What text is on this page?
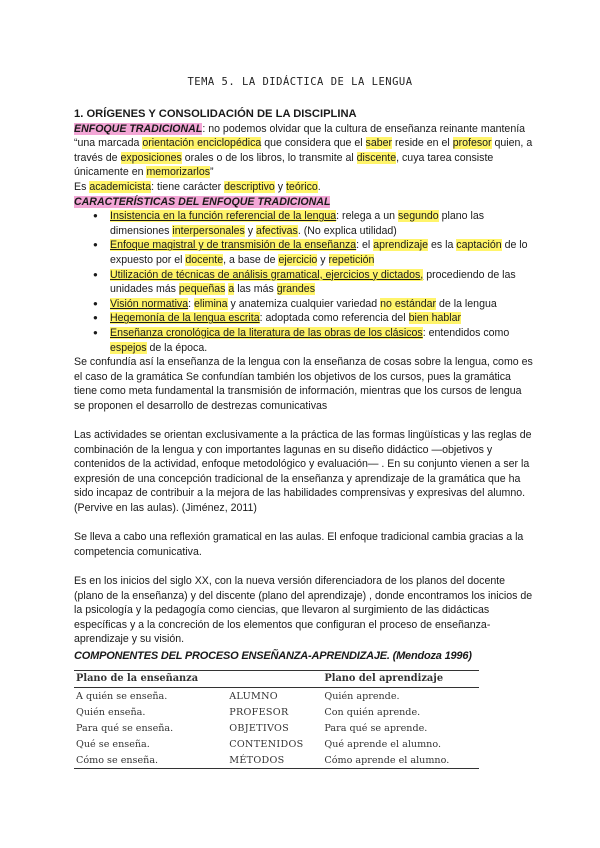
TEMA 5. LA DIDÁCTICA DE LA LENGUA
1. ORÍGENES Y CONSOLIDACIÓN DE LA DISCIPLINA

ENFOQUE TRADICIONAL: no podemos olvidar que la cultura de enseñanza reinante mantenía “una marcada orientación enciclopédica que considera que el saber reside en el profesor quien, a través de exposiciones orales o de los libros, lo transmite al discente, cuya tarea consiste únicamente en memorizarlos”

Es academicista: tiene carácter descriptivo y teórico.

CARACTERÍSTICAS DEL ENFOQUE TRADICIONAL
● Insistencia en la función referencial de la lengua: relega a un segundo plano las dimensiones interpersonales y afectivas. (No explica utilidad)
● Enfoque magistral y de transmisión de la enseñanza: el aprendizaje es la captación de lo expuesto por el docente, a base de ejercicio y repetición
● Utilización de técnicas de análisis gramatical, ejercicios y dictados, procediendo de las unidades más pequeñas a las más grandes
● Visión normativa: elimina y anatemiza cualquier variedad no estándar de la lengua
● Hegemonía de la lengua escrita: adoptada como referencia del bien hablar
● Enseñanza cronológica de la literatura de las obras de los clásicos: entendidos como espejos de la época.

Se confundía así la enseñanza de la lengua con la enseñanza de cosas sobre la lengua, como es el caso de la gramática Se confundían también los objetivos de los cursos, pues la gramática tiene como meta fundamental la transmisión de información, mientras que los cursos de lengua se proponen el desarrollo de destrezas comunicativas

Las actividades se orientan exclusivamente a la práctica de las formas lingüísticas y las reglas de combinación de la lengua y con importantes lagunas en su diseño didáctico —objetivos y contenidos de la actividad, enfoque metodológico y evaluación— . En su conjunto vienen a ser la expresión de una concepción tradicional de la enseñanza y aprendizaje de la gramática que ha sido incapaz de contribuir a la mejora de las habilidades comprensivas y expresivas del alumno. (Pervive en las aulas). (Jiménez, 2011)

Se lleva a cabo una reflexión gramatical en las aulas. El enfoque tradicional cambia gracias a la competencia comunicativa.

Es en los inicios del siglo XX, con la nueva versión diferenciadora de los planos del docente (plano de la enseñanza) y del discente (plano del aprendizaje) , donde encontramos los inicios de la psicología y la pedagogía como ciencias, que llevaron al surgimiento de las didácticas específicas y a la concreción de los elementos que configuran el proceso de enseñanza- aprendizaje y su visión.

COMPONENTES DEL PROCESO ENSEÑANZA-APRENDIZAJE. (Mendoza 1996)
Plano de la enseñanza		Plano del aprendizaje
A quién se enseña.	ALUMNO	Quién aprende.
Quién enseña.	PROFESOR	Con quién aprende.
Para qué se enseña.	OBJETIVOS	Para qué se aprende.
Qué se enseña.	CONTENIDOS	Qué aprende el alumno.
Cómo se enseña.	MÉTODOS	Cómo aprende el alumno.
